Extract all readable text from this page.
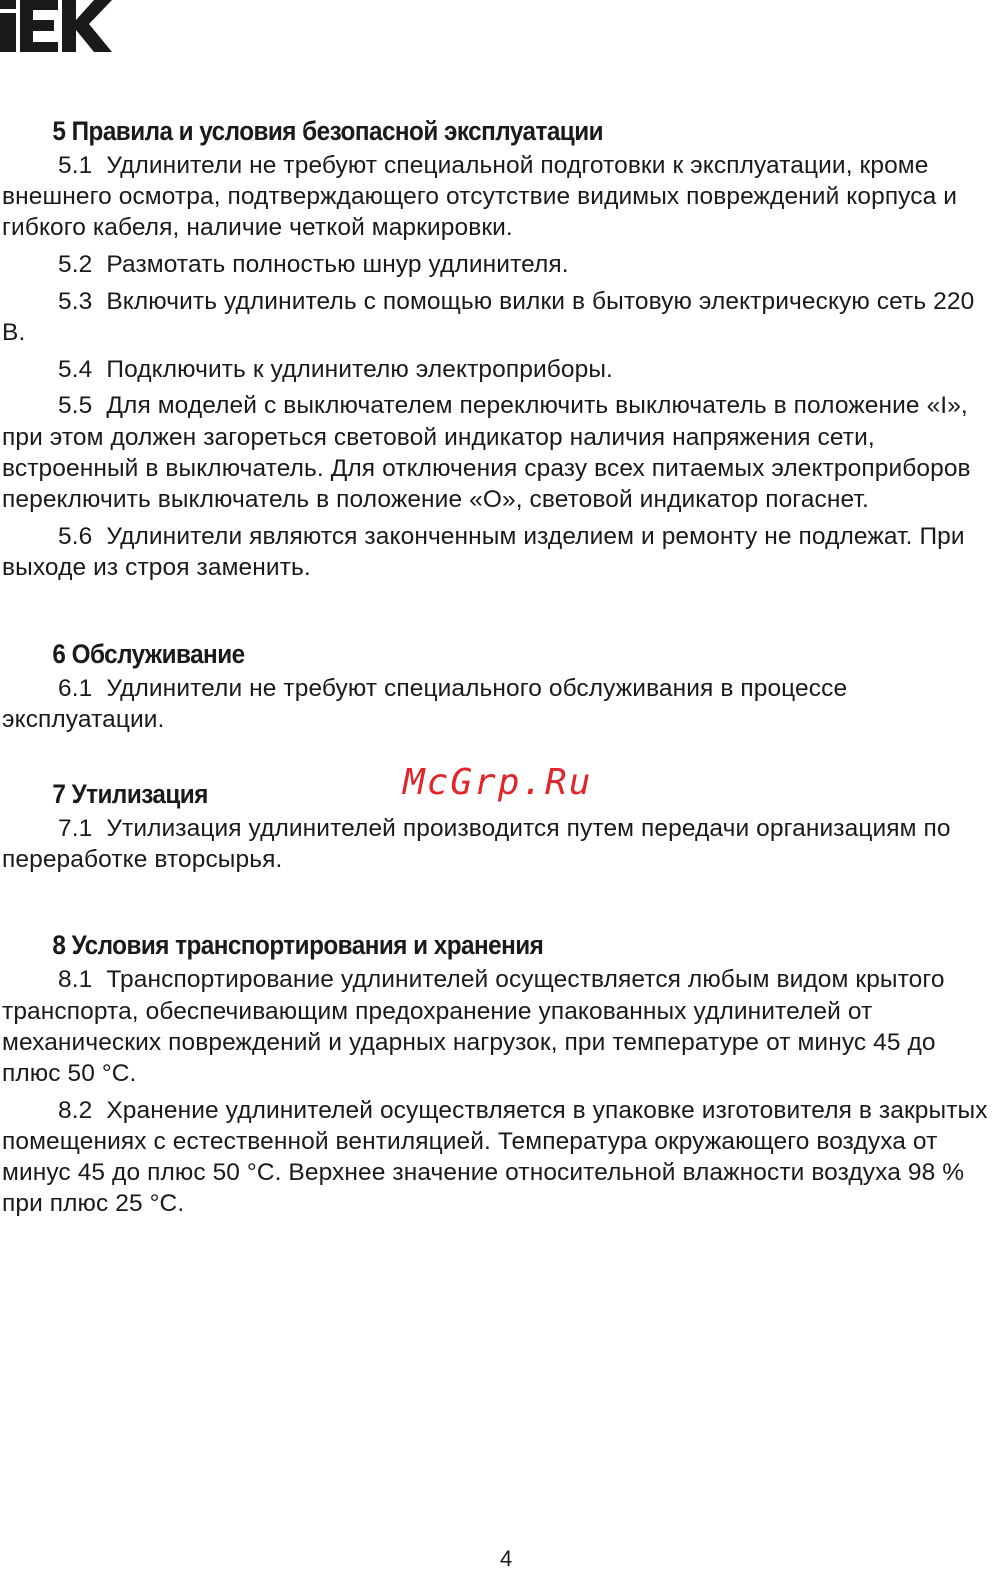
5 Правила и условия безопасной эксплуатации

5.1 Удлинители не требуют специальной подготовки к эксплуатации, кроме внешнего осмотра, подтверждающего отсутствие видимых повреждений корпуса и гибкого кабеля, наличие четкой маркировки.

5.2 Размотать полностью шнур удлинителя.

5.3 Включить удлинитель с помощью вилки в бытовую электрическую сеть 220 В.

5.4 Подключить к удлинителю электроприборы.

5.5 Для моделей с выключателем переключить выключатель в положение «I», при этом должен загореться световой индикатор наличия напряжения сети, встроенный в выключатель. Для отключения сразу всех питаемых электроприборов переключить выключатель в положение «O», световой индикатор погаснет.

5.6 Удлинители являются законченным изделием и ремонту не подлежат. При выходе из строя заменить.

6 Обслуживание

6.1 Удлинители не требуют специального обслуживания в процессе эксплуатации.

7 Утилизация

7.1 Утилизация удлинителей производится путем передачи организациям по переработке вторсырья.

8 Условия транспортирования и хранения

8.1 Транспортирование удлинителей осуществляется любым видом крытого транспорта, обеспечивающим предохранение упакованных удлинителей от механических повреждений и ударных нагрузок, при температуре от минус 45 до плюс 50 °C.

8.2 Хранение удлинителей осуществляется в упаковке изготовителя в закрытых помещениях с естественной вентиляцией. Температура окружающего воздуха от минус 45 до плюс 50 °C. Верхнее значение относительной влажности воздуха 98 % при плюс 25 °C.

McGrp.Ru
4
